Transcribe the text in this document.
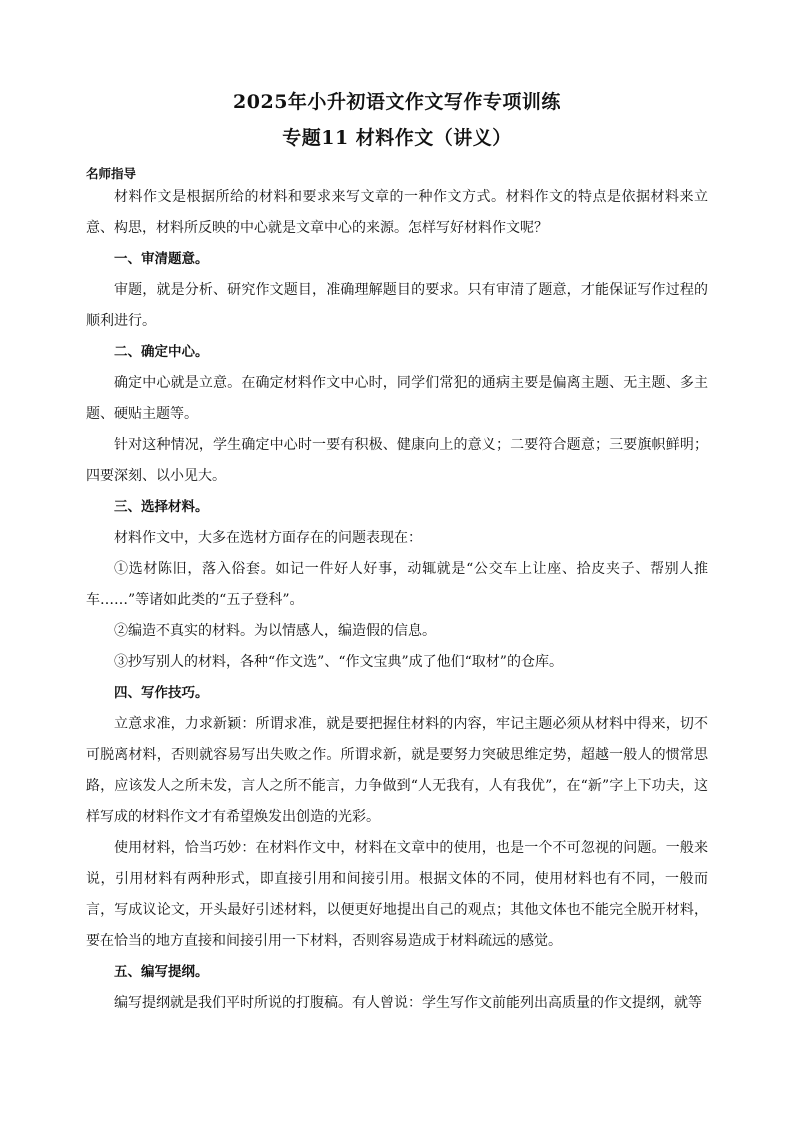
2025年小升初语文作文写作专项训练
专题11 材料作文（讲义）
名师指导

材料作文是根据所给的材料和要求来写文章的一种作文方式。材料作文的特点是依据材料来立意、构思，材料所反映的中心就是文章中心的来源。怎样写好材料作文呢？

一、审清题意。

审题，就是分析、研究作文题目，准确理解题目的要求。只有审清了题意，才能保证写作过程的顺利进行。

二、确定中心。

确定中心就是立意。在确定材料作文中心时，同学们常犯的通病主要是偏离主题、无主题、多主题、硬贴主题等。

针对这种情况，学生确定中心时一要有积极、健康向上的意义；二要符合题意；三要旗帜鲜明；四要深刻、以小见大。

三、选择材料。

材料作文中，大多在选材方面存在的问题表现在：

①选材陈旧，落入俗套。如记一件好人好事，动辄就是“公交车上让座、拾皮夹子、帮别人推车……”等诸如此类的“五子登科”。

②编造不真实的材料。为以情感人，编造假的信息。

③抄写别人的材料，各种“作文选”、“作文宝典”成了他们“取材”的仓库。

四、写作技巧。

立意求准，力求新颖：所谓求准，就是要把握住材料的内容，牢记主题必须从材料中得来，切不可脱离材料，否则就容易写出失败之作。所谓求新，就是要努力突破思维定势，超越一般人的惯常思路，应该发人之所未发，言人之所不能言，力争做到“人无我有，人有我优”，在“新”字上下功夫，这样写成的材料作文才有希望焕发出创造的光彩。

使用材料，恰当巧妙：在材料作文中，材料在文章中的使用，也是一个不可忽视的问题。一般来说，引用材料有两种形式，即直接引用和间接引用。根据文体的不同，使用材料也有不同，一般而言，写成议论文，开头最好引述材料，以便更好地提出自己的观点；其他文体也不能完全脱开材料，要在恰当的地方直接和间接引用一下材料，否则容易造成于材料疏远的感觉。

五、编写提纲。

编写提纲就是我们平时所说的打腹稿。有人曾说：学生写作文前能列出高质量的作文提纲，就等
